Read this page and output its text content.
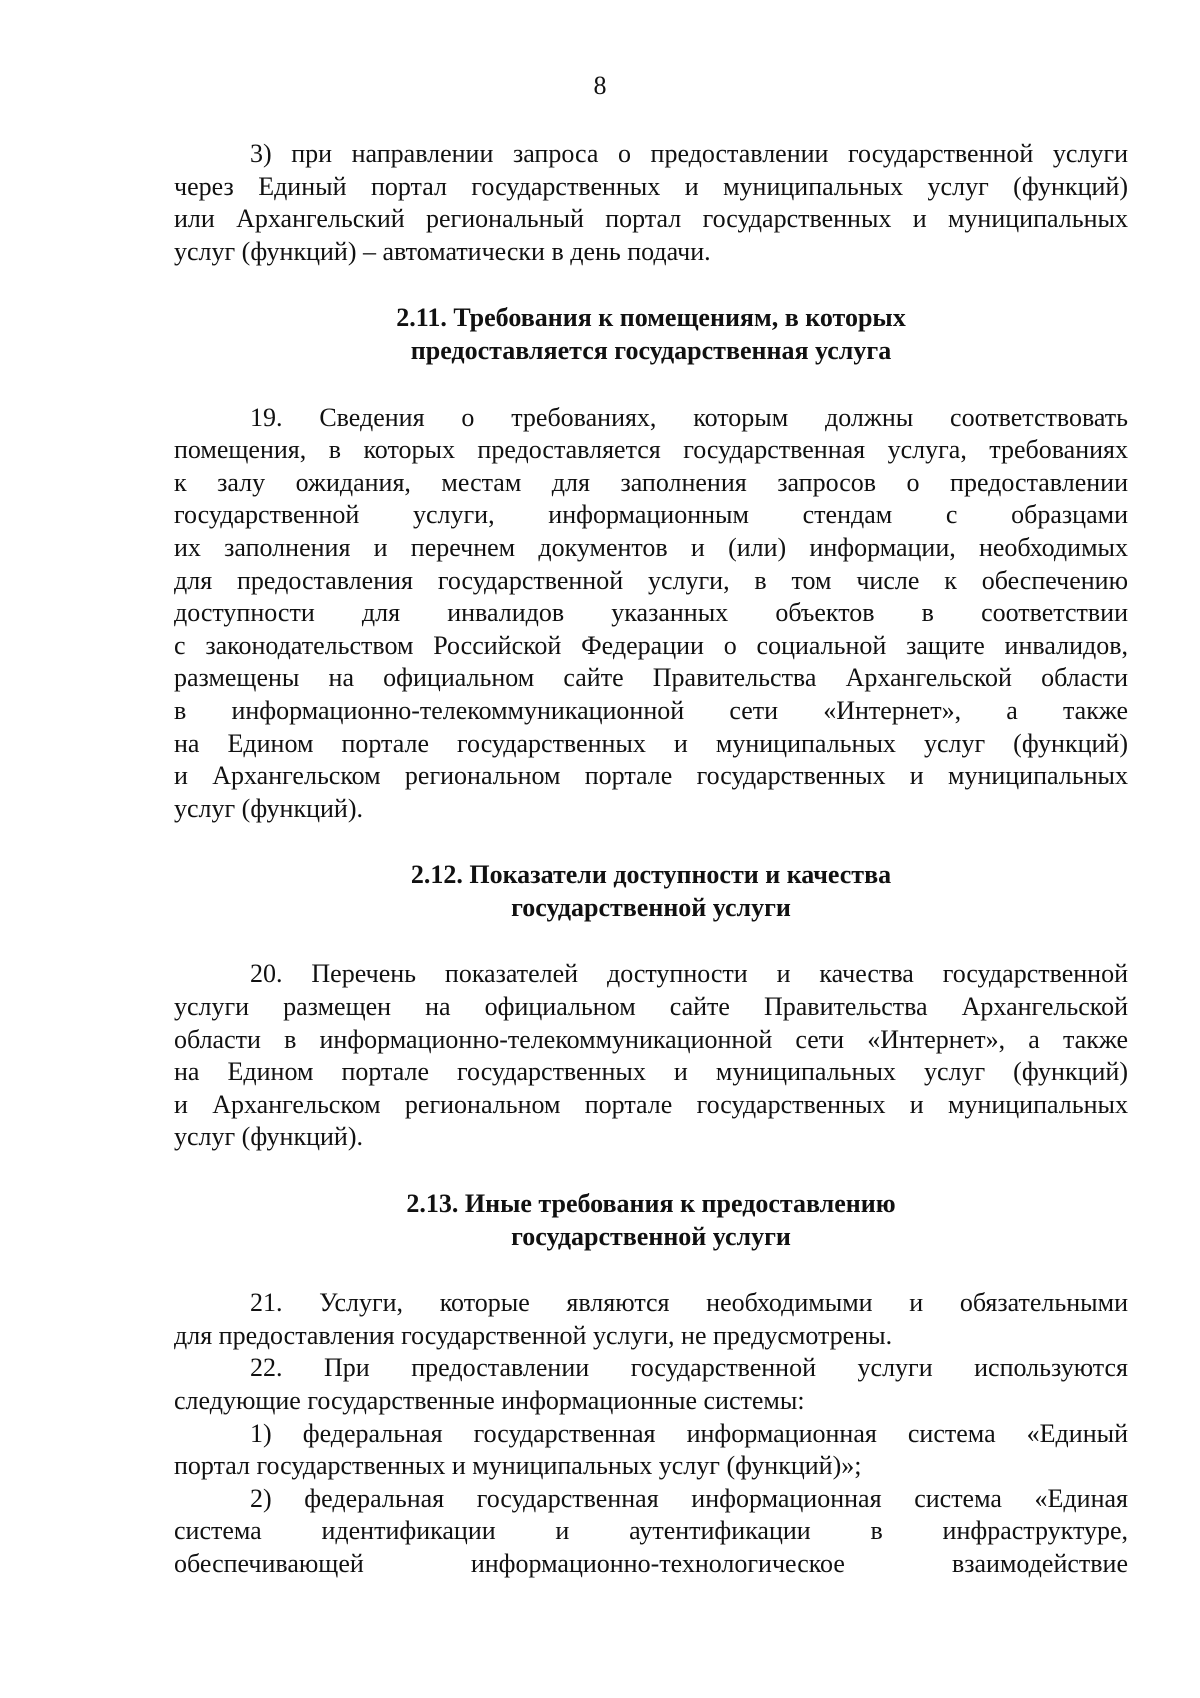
8

3) при направлении запроса о предоставлении государственной услуги
через Единый портал государственных и муниципальных услуг (функций)
или Архангельский региональный портал государственных и муниципальных
услуг (функций) – автоматически в день подачи.

2.11. Требования к помещениям, в которых
предоставляется государственная услуга

19. Сведения о требованиях, которым должны соответствовать
помещения, в которых предоставляется государственная услуга, требованиях
к залу ожидания, местам для заполнения запросов о предоставлении
государственной услуги, информационным стендам с образцами
их заполнения и перечнем документов и (или) информации, необходимых
для предоставления государственной услуги, в том числе к обеспечению
доступности для инвалидов указанных объектов в соответствии
с законодательством Российской Федерации о социальной защите инвалидов,
размещены на официальном сайте Правительства Архангельской области
в информационно-телекоммуникационной сети «Интернет», а также
на Едином портале государственных и муниципальных услуг (функций)
и Архангельском региональном портале государственных и муниципальных
услуг (функций).

2.12. Показатели доступности и качества
государственной услуги

20. Перечень показателей доступности и качества государственной
услуги размещен на официальном сайте Правительства Архангельской
области в информационно-телекоммуникационной сети «Интернет», а также
на Едином портале государственных и муниципальных услуг (функций)
и Архангельском региональном портале государственных и муниципальных
услуг (функций).

2.13. Иные требования к предоставлению
государственной услуги

21. Услуги, которые являются необходимыми и обязательными
для предоставления государственной услуги, не предусмотрены.

22. При предоставлении государственной услуги используются
следующие государственные информационные системы:

1) федеральная государственная информационная система «Единый
портал государственных и муниципальных услуг (функций)»;

2) федеральная государственная информационная система «Единая
система идентификации и аутентификации в инфраструктуре,
обеспечивающей информационно-технологическое взаимодействие
